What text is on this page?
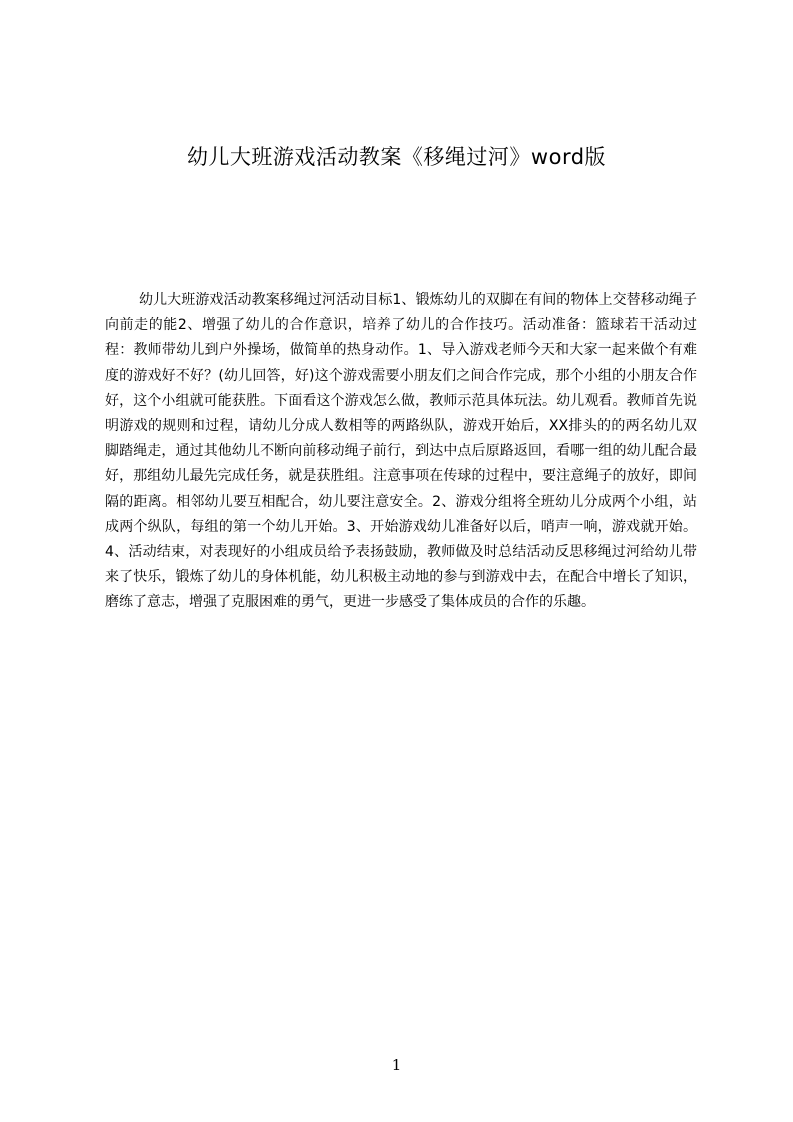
幼儿大班游戏活动教案《移绳过河》word版

幼儿大班游戏活动教案移绳过河活动目标1、锻炼幼儿的双脚在有间的物体上交替移动绳子向前走的能2、增强了幼儿的合作意识，培养了幼儿的合作技巧。活动准备：篮球若干活动过程：教师带幼儿到户外操场，做简单的热身动作。1、导入游戏老师今天和大家一起来做个有难度的游戏好不好？(幼儿回答，好)这个游戏需要小朋友们之间合作完成，那个小组的小朋友合作好，这个小组就可能获胜。下面看这个游戏怎么做，教师示范具体玩法。幼儿观看。教师首先说明游戏的规则和过程，请幼儿分成人数相等的两路纵队，游戏开始后，XX排头的的两名幼儿双脚踏绳走，通过其他幼儿不断向前移动绳子前行，到达中点后原路返回，看哪一组的幼儿配合最好，那组幼儿最先完成任务，就是获胜组。注意事项在传球的过程中，要注意绳子的放好，即间隔的距离。相邻幼儿要互相配合，幼儿要注意安全。2、游戏分组将全班幼儿分成两个小组，站成两个纵队，每组的第一个幼儿开始。3、开始游戏幼儿准备好以后，哨声一响，游戏就开始。4、活动结束，对表现好的小组成员给予表扬鼓励，教师做及时总结活动反思移绳过河给幼儿带来了快乐，锻炼了幼儿的身体机能，幼儿积极主动地的参与到游戏中去，在配合中增长了知识，磨练了意志，增强了克服困难的勇气，更进一步感受了集体成员的合作的乐趣。

1
